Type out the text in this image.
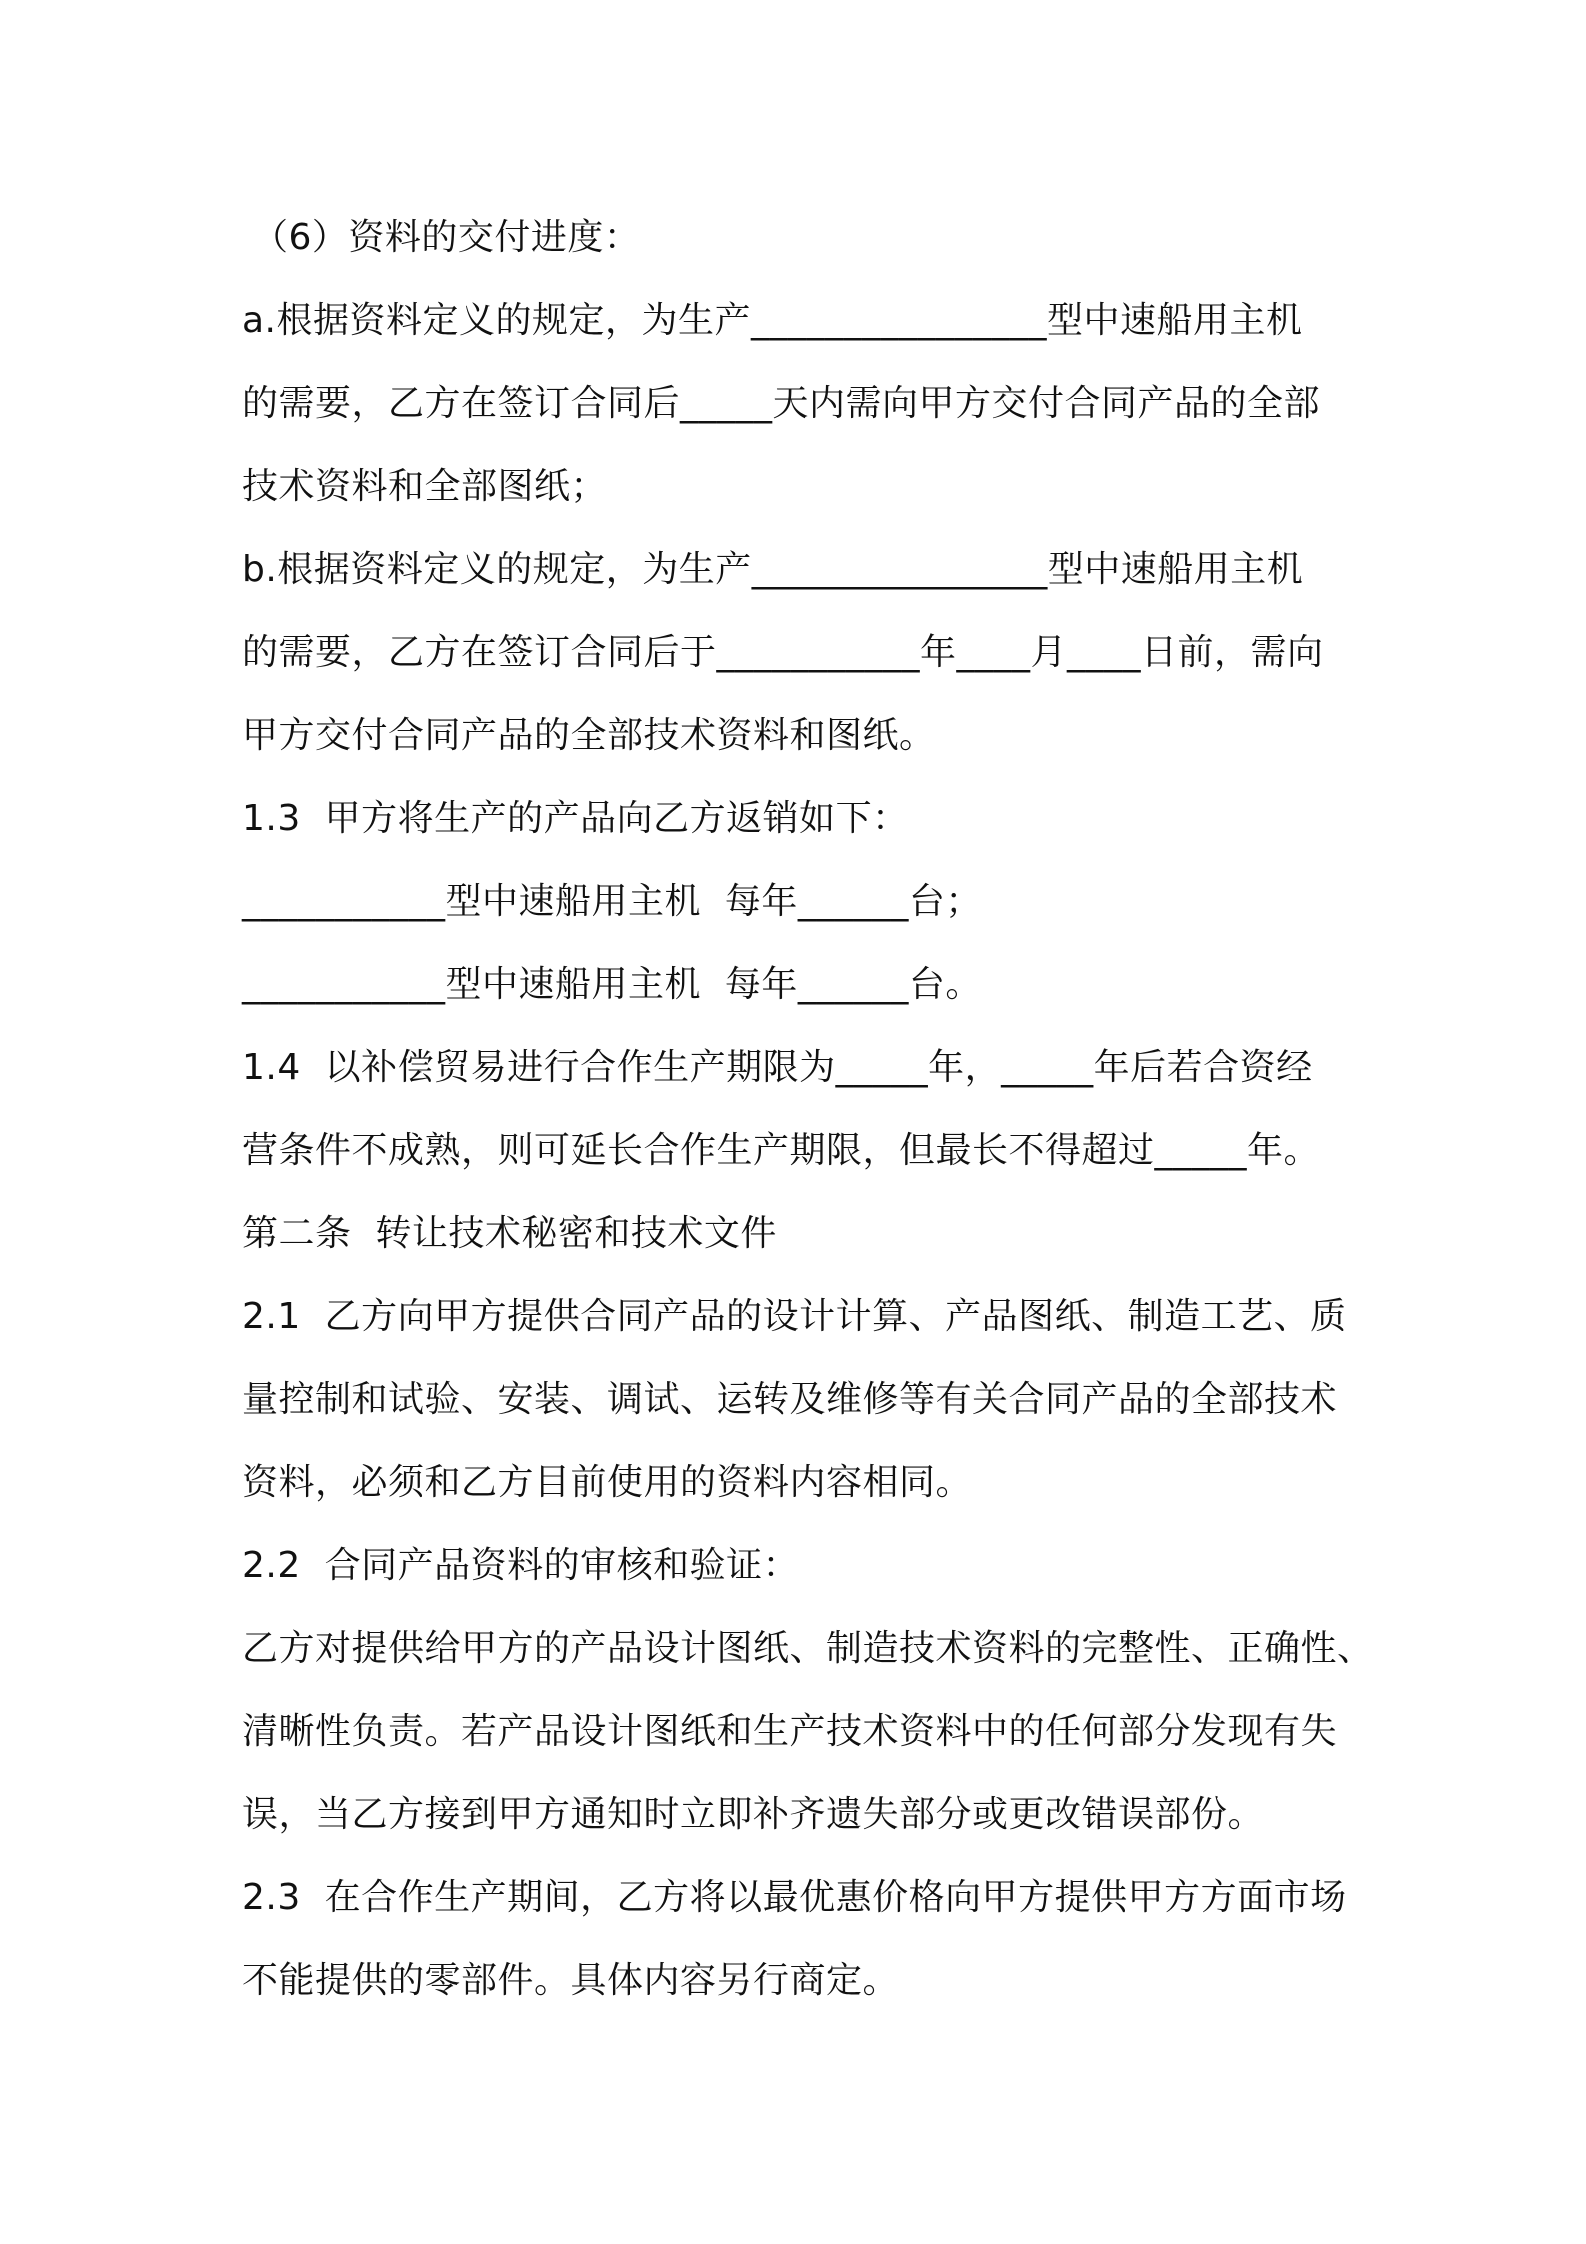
（6）资料的交付进度：
a.根据资料定义的规定，为生产________________型中速船用主机
的需要，乙方在签订合同后_____天内需向甲方交付合同产品的全部
技术资料和全部图纸；
b.根据资料定义的规定，为生产________________型中速船用主机
的需要，乙方在签订合同后于___________年____月____日前，需向
甲方交付合同产品的全部技术资料和图纸。
1.3  甲方将生产的产品向乙方返销如下：
___________型中速船用主机  每年______台；
___________型中速船用主机  每年______台。
1.4  以补偿贸易进行合作生产期限为_____年，_____年后若合资经
营条件不成熟，则可延长合作生产期限，但最长不得超过_____年。
第二条  转让技术秘密和技术文件
2.1  乙方向甲方提供合同产品的设计计算、产品图纸、制造工艺、质
量控制和试验、安装、调试、运转及维修等有关合同产品的全部技术
资料，必须和乙方目前使用的资料内容相同。
2.2  合同产品资料的审核和验证：
乙方对提供给甲方的产品设计图纸、制造技术资料的完整性、正确性、
清晰性负责。若产品设计图纸和生产技术资料中的任何部分发现有失
误，当乙方接到甲方通知时立即补齐遗失部分或更改错误部份。
2.3  在合作生产期间，乙方将以最优惠价格向甲方提供甲方方面市场
不能提供的零部件。具体内容另行商定。
